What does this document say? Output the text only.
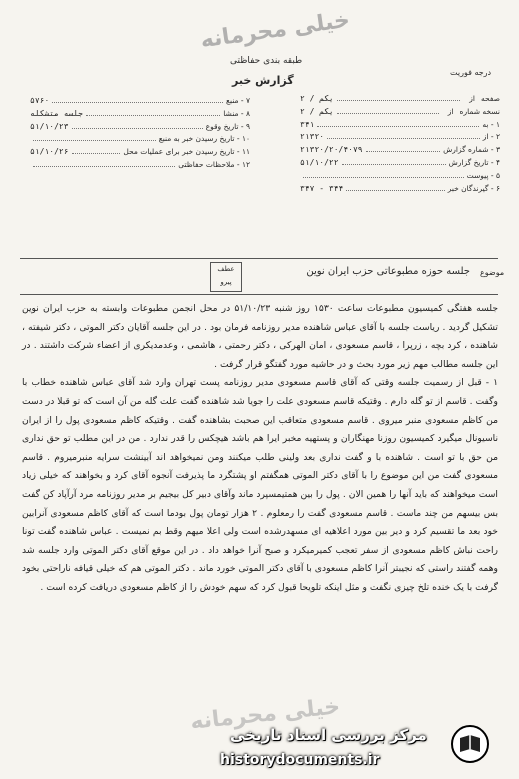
خیلی محرمانه
طبقه بندی حفاظتی
گزارش خبر
درجه فوریت
صفحه
از
یکم / ۲
نسخه شماره
از
یکم / ۲
۱ - به
۳۴۱
۲ - از
۲۱۳۲۰
۳ - شماره گزارش
۲۱۳۲۰/۲۰/۴۰۷۹
۴ - تاریخ گزارش
۵۱/۱۰/۲۲
۵ - پیوست
۶ - گیرندگان خبر
۳۴۴ - ۳۴۷
۷ - منبع
۵۷۶۰
۸ - منشا
جلسه متشکله
۹ - تاریخ وقوع
۵۱/۱۰/۲۳
۱۰ - تاریخ رسیدن خبر به منبع
۱۱ - تاریخ رسیدن خبر برای عملیات محل
۵۱/۱۰/۲۶
۱۲ - ملاحظات حفاظتی
موضوع
جلسه حوزه مطبوعاتی حزب ایران نوین
عطف
پیرو

جلسه هفتگی کمیسیون مطبوعات ساعت ۱۵۳۰ روز شنبه ۵۱/۱۰/۲۳ در محل انجمن مطبوعات وابسته به حزب ایران نوین تشکیل گردید . ریاست جلسه با آقای عباس شاهنده مدیر روزنامه فرمان بود . در این جلسه آقایان دکتر الموتی ، دکتر شیفته ، شاهنده ، کرد بچه ، زرپرا ، قاسم مسعودی ، امان الهرکی ، دکتر رحمتی ، هاشمی ، وعدمدیکری از اعضاء شرکت داشتند . در این جلسه مطالب مهم زیر مورد بحث و در حاشیه مورد گفتگو قرار گرفت .

۱ - قبل از رسمیت جلسه وقتی که آقای قاسم مسعودی مدیر روزنامه پست تهران وارد شد آقای عباس شاهنده خطاب با وگفت . قاسم از تو گله دارم . وقتیکه قاسم مسعودی علت را جویا شد شاهنده گفت علت گله من آن است که تو قبلا در دست من کاظم مسعودی منبر میروی . قاسم مسعودی متعاقب این صحبت بشاهنده گفت . وقتیکه کاظم مسعودی پول را از ایران ناسیونال میگیرد کمیسیون روزنا مهنگاران و پستهیه مخبر ایرا هم باشد هیچکس را قدر ندارد . من در این مطلب تو حق نداری من حق با تو است . شاهنده با و گفت نداری بعد ولینی طلب میکنند ومن نمیخواهد اند آبینشت سرایه منبرمیروم . قاسم مسعودی گفت من این موضوع را با آقای دکتر الموتی همگفتم او پشتگرد ما پذیرفت آنجوه آقای کرد و بخواهند که خیلی زیاد است میخواهند که باید آنها را همین الان . پول را بین همتیمسپرد ماند وآقای دبیر کل بیجیم بر مدیر روزنامه مرد آرآپاد کن گفت بس بیسهم من چند ماست . قاسم مسعودی گفت را رمعلوم . ۲ هزار تومان پول بودما است که آقای کاظم مسعودی آنرابین خود بعد ما تقسیم کرد و دیر بین مورد اعلاهیه ای مسهدرشده است ولی اعلا میهم وقط بم نمیست . عباس شاهنده گفت تونا راحت نباش کاظم مسعودی از سفر تعجب کمیرمیکرد و صبح آنرا خواهد داد . در این موقع آقای دکتر الموتی وارد جلسه شد وهمه گفتند راستی که نجیبتر آنرا کاظم مسعودی با آقای دکتر الموتی خورد ماند . دکتر الموتی هم که خیلی قیافه ناراحتی بخود گرفت با یک خنده تلخ چیزی نگفت و مثل اینکه تلویحا قبول کرد که سهم خودش را از کاظم مسعودی دریافت کرده است .

خیلی محرمانه
مرکز بررسی اسناد تاریخی
historydocuments.ir
